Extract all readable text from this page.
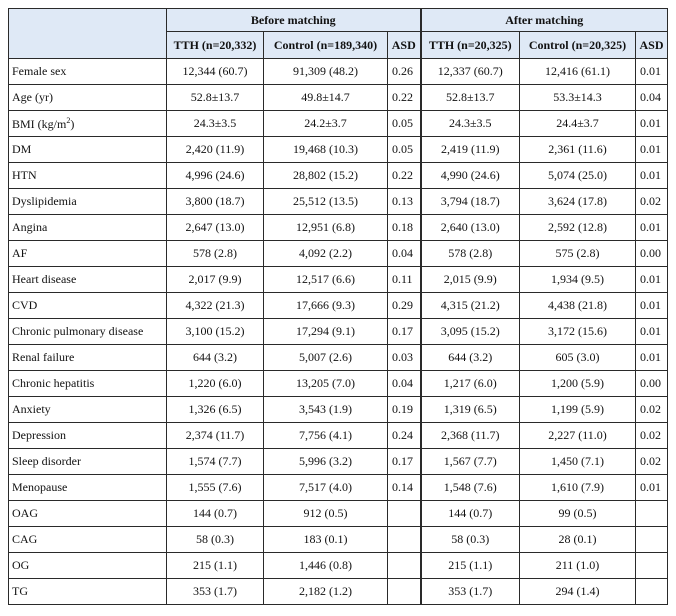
	Before matching			After matching		
	TTH (n=20,332)	Control (n=189,340)	ASD	TTH (n=20,325)	Control (n=20,325)	ASD
Female sex	12,344 (60.7)	91,309 (48.2)	0.26	12,337 (60.7)	12,416 (61.1)	0.01
Age (yr)	52.8±13.7	49.8±14.7	0.22	52.8±13.7	53.3±14.3	0.04
BMI $(kg/m^2)$	24.3±3.5	24.2±3.7	0.05	24.3±3.5	24.4±3.7	0.01
DM	2,420 (11.9)	19,468 (10.3)	0.05	2,419 (11.9)	2,361 (11.6)	0.01
HTN	4,996 (24.6)	28,802 (15.2)	0.22	4,990 (24.6)	5,074 (25.0)	0.01
Dyslipidemia	3,800 (18.7)	25,512 (13.5)	0.13	3,794 (18.7)	3,624 (17.8)	0.02
Angina	2,647 (13.0)	12,951 (6.8)	0.18	2,640 (13.0)	2,592 (12.8)	0.01
AF	578 (2.8)	4,092 (2.2)	0.04	578 (2.8)	575 (2.8)	0.00
Heart disease	2,017 (9.9)	12,517 (6.6)	0.11	2,015 (9.9)	1,934 (9.5)	0.01
CVD	4,322 (21.3)	17,666 (9.3)	0.29	4,315 (21.2)	4,438 (21.8)	0.01
Chronic pulmonary disease	3,100 (15.2)	17,294 (9.1)	0.17	3,095 (15.2)	3,172 (15.6)	0.01
Renal failure	644 (3.2)	5,007 (2.6)	0.03	644 (3.2)	605 (3.0)	0.01
Chronic hepatitis	1,220 (6.0)	13,205 (7.0)	0.04	1,217 (6.0)	1,200 (5.9)	0.00
Anxiety	1,326 (6.5)	3,543 (1.9)	0.19	1,319 (6.5)	1,199 (5.9)	0.02
Depression	2,374 (11.7)	7,756 (4.1)	0.24	2,368 (11.7)	2,227 (11.0)	0.02
Sleep disorder	1,574 (7.7)	5,996 (3.2)	0.17	1,567 (7.7)	1,450 (7.1)	0.02
Menopause	1,555 (7.6)	7,517 (4.0)	0.14	1,548 (7.6)	1,610 (7.9)	0.01
OAG	144 (0.7)	912 (0.5)		144 (0.7)	99 (0.5)	
CAG	58 (0.3)	183 (0.1)		58 (0.3)	28 (0.1)	
OG	215 (1.1)	1,446 (0.8)		215 (1.1)	211 (1.0)	
TG	353 (1.7)	2,182 (1.2)		353 (1.7)	294 (1.4)	
